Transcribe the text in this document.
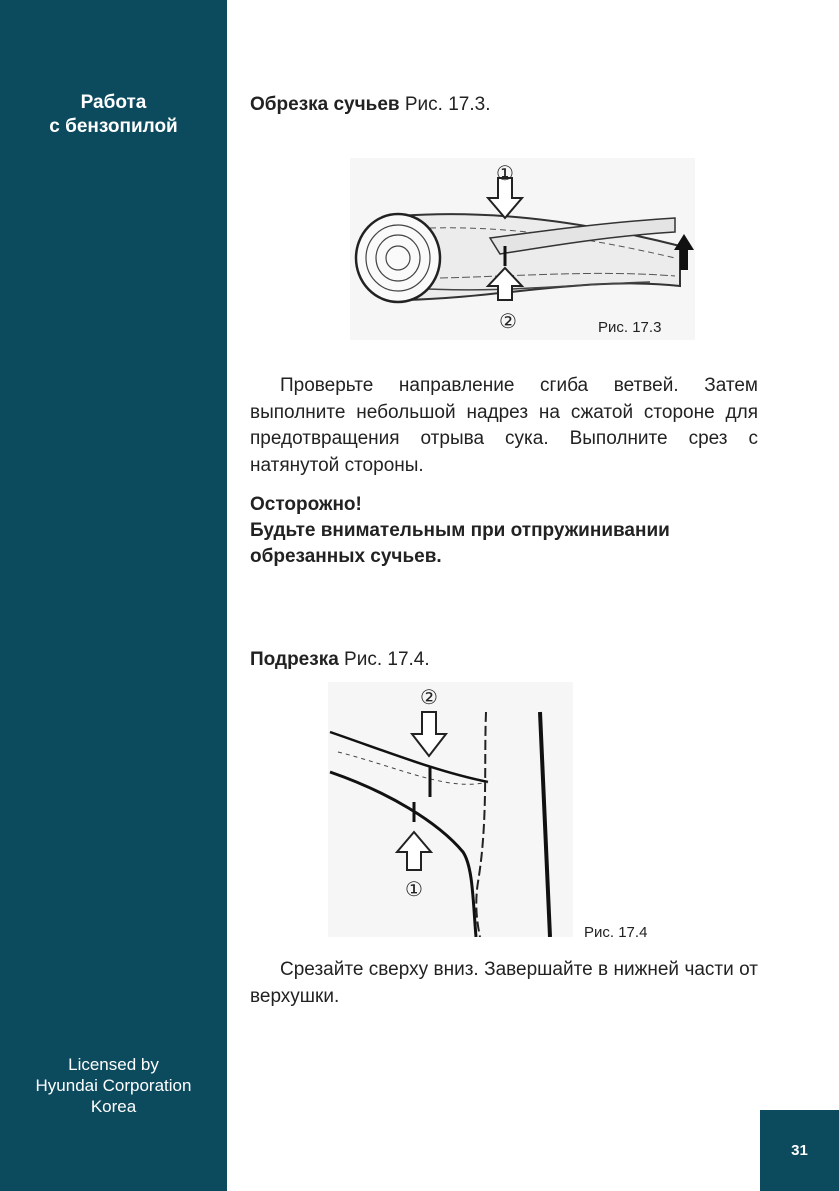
Работа
с бензопилой
Licensed by
Hyundai Corporation
Korea
Обрезка сучьев Рис. 17.3.
①
②	Рис. 17.3
Проверьте направление сгиба ветвей. Затем выполните небольшой надрез на сжатой стороне для предотвращения отрыва сука. Выполните срез с натянутой стороны.
Осторожно!
Будьте внимательным при отпружинивании
обрезанных сучьев.
Подрезка Рис. 17.4.
②
①
Рис. 17.4
Срезайте сверху вниз. Завершайте в нижней части от верхушки.
31
